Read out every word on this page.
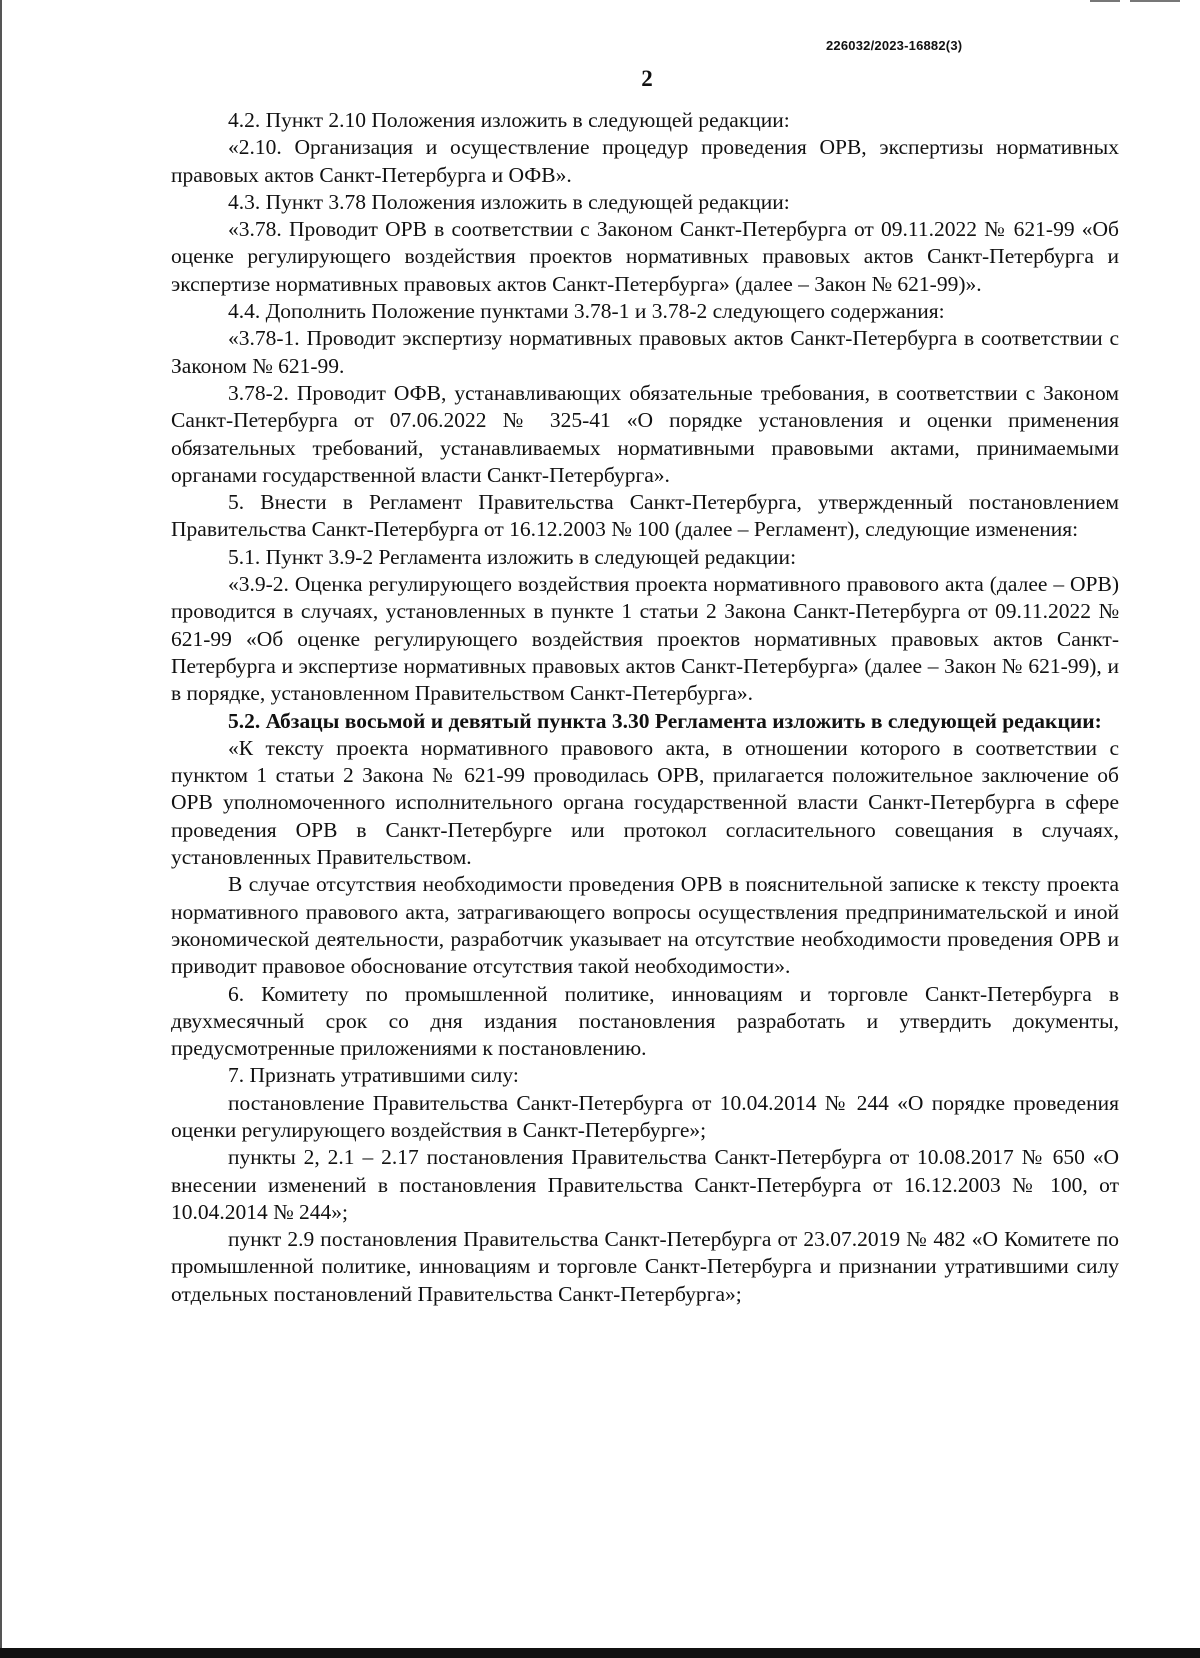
226032/2023-16882(3)
2

4.2. Пункт 2.10 Положения изложить в следующей редакции:

«2.10. Организация и осуществление процедур проведения ОРВ, экспертизы нормативных правовых актов Санкт-Петербурга и ОФВ».

4.3. Пункт 3.78 Положения изложить в следующей редакции:

«3.78. Проводит ОРВ в соответствии с Законом Санкт-Петербурга от 09.11.2022 № 621-99 «Об оценке регулирующего воздействия проектов нормативных правовых актов Санкт-Петербурга и экспертизе нормативных правовых актов Санкт-Петербурга» (далее – Закон № 621-99)».

4.4. Дополнить Положение пунктами 3.78-1 и 3.78-2 следующего содержания:

«3.78-1. Проводит экспертизу нормативных правовых актов Санкт-Петербурга в соответствии с Законом № 621-99.

3.78-2. Проводит ОФВ, устанавливающих обязательные требования, в соответствии с Законом Санкт-Петербурга от 07.06.2022 № 325-41 «О порядке установления и оценки применения обязательных требований, устанавливаемых нормативными правовыми актами, принимаемыми органами государственной власти Санкт-Петербурга».

5. Внести в Регламент Правительства Санкт-Петербурга, утвержденный постановлением Правительства Санкт-Петербурга от 16.12.2003 № 100 (далее – Регламент), следующие изменения:

5.1. Пункт 3.9-2 Регламента изложить в следующей редакции:

«3.9-2. Оценка регулирующего воздействия проекта нормативного правового акта (далее – ОРВ) проводится в случаях, установленных в пункте 1 статьи 2 Закона Санкт-Петербурга от 09.11.2022 № 621-99 «Об оценке регулирующего воздействия проектов нормативных правовых актов Санкт-Петербурга и экспертизе нормативных правовых актов Санкт-Петербурга» (далее – Закон № 621-99), и в порядке, установленном Правительством Санкт-Петербурга».

5.2. Абзацы восьмой и девятый пункта 3.30 Регламента изложить в следующей редакции:

«К тексту проекта нормативного правового акта, в отношении которого в соответствии с пунктом 1 статьи 2 Закона № 621-99 проводилась ОРВ, прилагается положительное заключение об ОРВ уполномоченного исполнительного органа государственной власти Санкт-Петербурга в сфере проведения ОРВ в Санкт-Петербурге или протокол согласительного совещания в случаях, установленных Правительством.

В случае отсутствия необходимости проведения ОРВ в пояснительной записке к тексту проекта нормативного правового акта, затрагивающего вопросы осуществления предпринимательской и иной экономической деятельности, разработчик указывает на отсутствие необходимости проведения ОРВ и приводит правовое обоснование отсутствия такой необходимости».

6. Комитету по промышленной политике, инновациям и торговле Санкт-Петербурга в двухмесячный срок со дня издания постановления разработать и утвердить документы, предусмотренные приложениями к постановлению.

7. Признать утратившими силу:

постановление Правительства Санкт-Петербурга от 10.04.2014 № 244 «О порядке проведения оценки регулирующего воздействия в Санкт-Петербурге»;

пункты 2, 2.1 – 2.17 постановления Правительства Санкт-Петербурга от 10.08.2017 № 650 «О внесении изменений в постановления Правительства Санкт-Петербурга от 16.12.2003 № 100, от 10.04.2014 № 244»;

пункт 2.9 постановления Правительства Санкт-Петербурга от 23.07.2019 № 482 «О Комитете по промышленной политике, инновациям и торговле Санкт-Петербурга и признании утратившими силу отдельных постановлений Правительства Санкт-Петербурга»;
